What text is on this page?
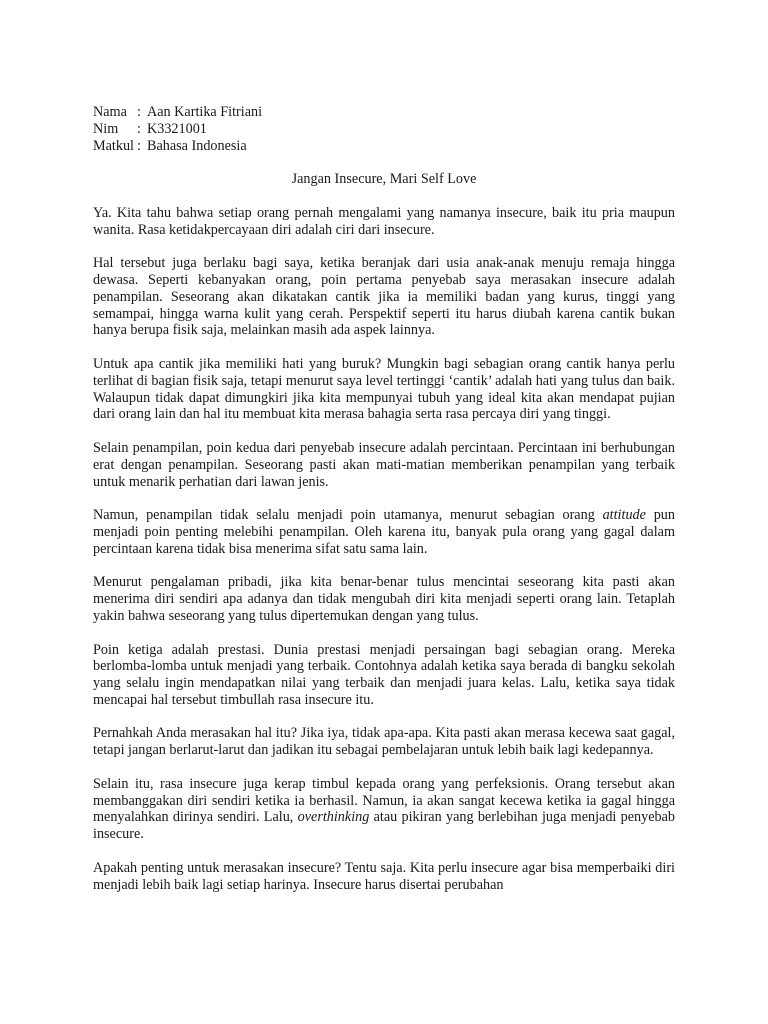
Nama : Aan Kartika Fitriani
Nim	: K3321001
Matkul : Bahasa Indonesia
Jangan Insecure, Mari Self Love

Ya. Kita tahu bahwa setiap orang pernah mengalami yang namanya insecure, baik itu pria maupun wanita. Rasa ketidakpercayaan diri adalah ciri dari insecure.

Hal tersebut juga berlaku bagi saya, ketika beranjak dari usia anak-anak menuju remaja hingga dewasa. Seperti kebanyakan orang, poin pertama penyebab saya merasakan insecure adalah penampilan. Seseorang akan dikatakan cantik jika ia memiliki badan yang kurus, tinggi yang semampai, hingga warna kulit yang cerah. Perspektif seperti itu harus diubah karena cantik bukan hanya berupa fisik saja, melainkan masih ada aspek lainnya.

Untuk apa cantik jika memiliki hati yang buruk? Mungkin bagi sebagian orang cantik hanya perlu terlihat di bagian fisik saja, tetapi menurut saya level tertinggi ‘cantik’ adalah hati yang tulus dan baik. Walaupun tidak dapat dimungkiri jika kita mempunyai tubuh yang ideal kita akan mendapat pujian dari orang lain dan hal itu membuat kita merasa bahagia serta rasa percaya diri yang tinggi.

Selain penampilan, poin kedua dari penyebab insecure adalah percintaan. Percintaan ini berhubungan erat dengan penampilan. Seseorang pasti akan mati-matian memberikan penampilan yang terbaik untuk menarik perhatian dari lawan jenis.

Namun, penampilan tidak selalu menjadi poin utamanya, menurut sebagian orang attitude pun menjadi poin penting melebihi penampilan. Oleh karena itu, banyak pula orang yang gagal dalam percintaan karena tidak bisa menerima sifat satu sama lain.

Menurut pengalaman pribadi, jika kita benar-benar tulus mencintai seseorang kita pasti akan menerima diri sendiri apa adanya dan tidak mengubah diri kita menjadi seperti orang lain. Tetaplah yakin bahwa seseorang yang tulus dipertemukan dengan yang tulus.

Poin ketiga adalah prestasi. Dunia prestasi menjadi persaingan bagi sebagian orang. Mereka berlomba-lomba untuk menjadi yang terbaik. Contohnya adalah ketika saya berada di bangku sekolah yang selalu ingin mendapatkan nilai yang terbaik dan menjadi juara kelas. Lalu, ketika saya tidak mencapai hal tersebut timbullah rasa insecure itu.

Pernahkah Anda merasakan hal itu? Jika iya, tidak apa-apa. Kita pasti akan merasa kecewa saat gagal, tetapi jangan berlarut-larut dan jadikan itu sebagai pembelajaran untuk lebih baik lagi kedepannya.

Selain itu, rasa insecure juga kerap timbul kepada orang yang perfeksionis. Orang tersebut akan membanggakan diri sendiri ketika ia berhasil. Namun, ia akan sangat kecewa ketika ia gagal hingga menyalahkan dirinya sendiri. Lalu, overthinking atau pikiran yang berlebihan juga menjadi penyebab insecure.

Apakah penting untuk merasakan insecure? Tentu saja. Kita perlu insecure agar bisa memperbaiki diri menjadi lebih baik lagi setiap harinya. Insecure harus disertai perubahan
